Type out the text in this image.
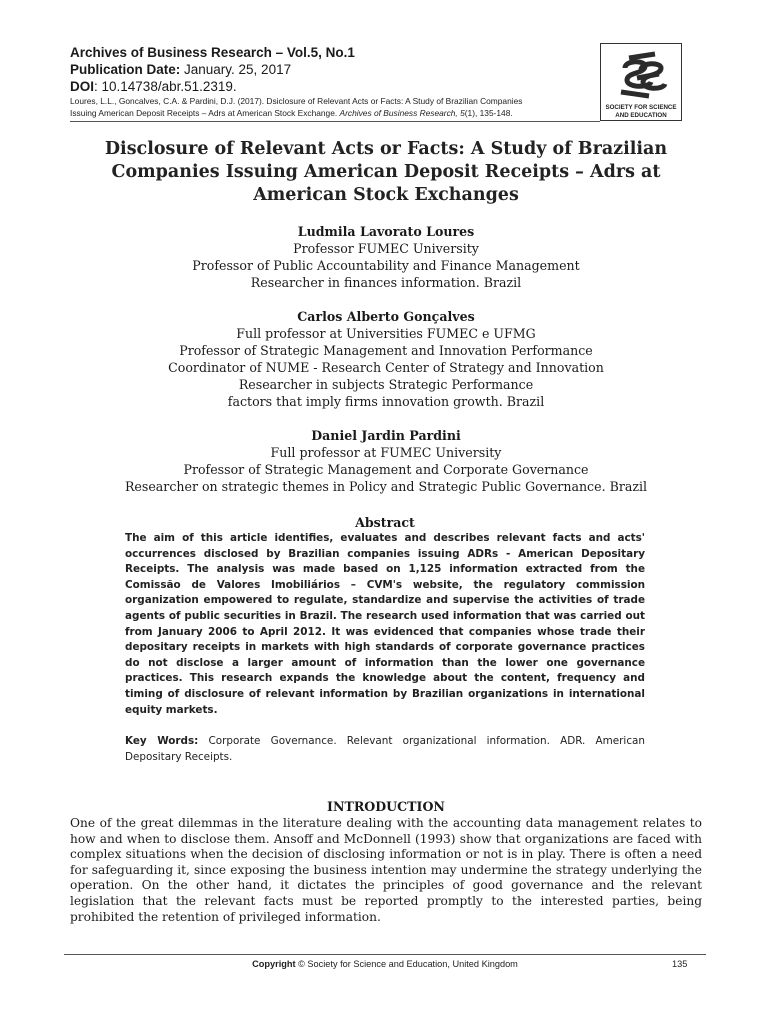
Archives of Business Research – Vol.5, No.1
Publication Date: January. 25, 2017
DOI: 10.14738/abr.51.2319.
Loures, L.L., Goncalves, C.A. & Pardini, D.J. (2017). Dsiclosure of Relevant Acts or Facts: A Study of Brazilian Companies
Issuing American Deposit Receipts – Adrs at American Stock Exchange. Archives of Business Research, 5(1), 135-148.
SOCIETY FOR SCIENCE
AND EDUCATION
Disclosure of Relevant Acts or Facts: A Study of Brazilian
Companies Issuing American Deposit Receipts – Adrs at
American Stock Exchanges
Ludmila Lavorato Loures
Professor FUMEC University
Professor of Public Accountability and Finance Management
Researcher in finances information. Brazil
Carlos Alberto Gonçalves
Full professor at Universities FUMEC e UFMG
Professor of Strategic Management and Innovation Performance
Coordinator of NUME - Research Center of Strategy and Innovation
Researcher in subjects Strategic Performance
factors that imply firms innovation growth. Brazil
Daniel Jardin Pardini
Full professor at FUMEC University
Professor of Strategic Management and Corporate Governance
Researcher on strategic themes in Policy and Strategic Public Governance. Brazil
Abstract
The aim of this article identifies, evaluates and describes relevant facts and acts' occurrences disclosed by Brazilian companies issuing ADRs - American Depositary Receipts. The analysis was made based on 1,125 information extracted from the Comissão de Valores Imobiliários – CVM's website, the regulatory commission organization empowered to regulate, standardize and supervise the activities of trade agents of public securities in Brazil. The research used information that was carried out from January 2006 to April 2012. It was evidenced that companies whose trade their depositary receipts in markets with high standards of corporate governance practices do not disclose a larger amount of information than the lower one governance practices. This research expands the knowledge about the content, frequency and timing of disclosure of relevant information by Brazilian organizations in international equity markets.
Key Words: Corporate Governance. Relevant organizational information. ADR. American Depositary Receipts.
INTRODUCTION
One of the great dilemmas in the literature dealing with the accounting data management relates to how and when to disclose them. Ansoff and McDonnell (1993) show that organizations are faced with complex situations when the decision of disclosing information or not is in play. There is often a need for safeguarding it, since exposing the business intention may undermine the strategy underlying the operation. On the other hand, it dictates the principles of good governance and the relevant legislation that the relevant facts must be reported promptly to the interested parties, being prohibited the retention of privileged information.
Copyright © Society for Science and Education, United Kingdom	135
